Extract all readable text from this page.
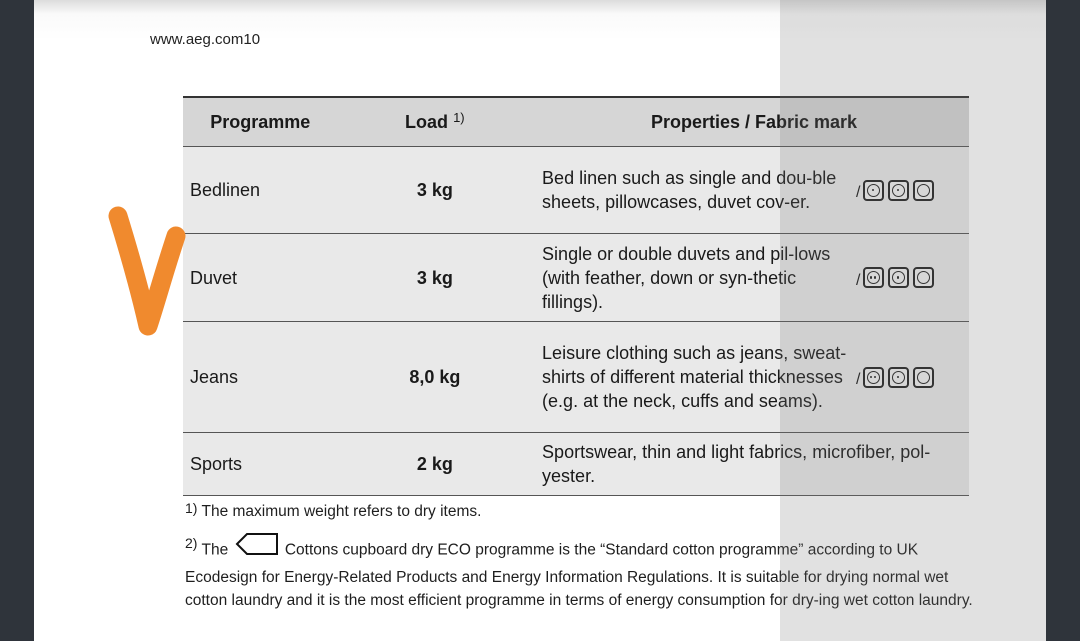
www.aeg.com10
Programme	Load $^{1)}$	Properties / Fabric mark
Bedlinen	3 kg	Bed linen such as single and dou-ble sheets, pillowcases, duvet cov-er. /

Duvet	3 kg	Single or double duvets and pil-lows (with feather, down or syn-thetic fillings).
/

Jeans	8,0 kg	Leisure clothing such as jeans, sweat-shirts of different material thicknesses (e.g. at the neck, cuffs and seams).
/

Sports	2 kg	Sportswear, thin and light fabrics, microfiber, pol-yester.
1) The maximum weight refers to dry items.
2) The	Cottons cupboard dry ECO programme is the “Standard cotton programme” according to UK Ecodesign for Energy-Related Products and Energy Information Regulations. It is suitable for drying normal wet cotton laundry and it is the most efficient programme in terms of energy consumption for dry-ing wet cotton laundry.
